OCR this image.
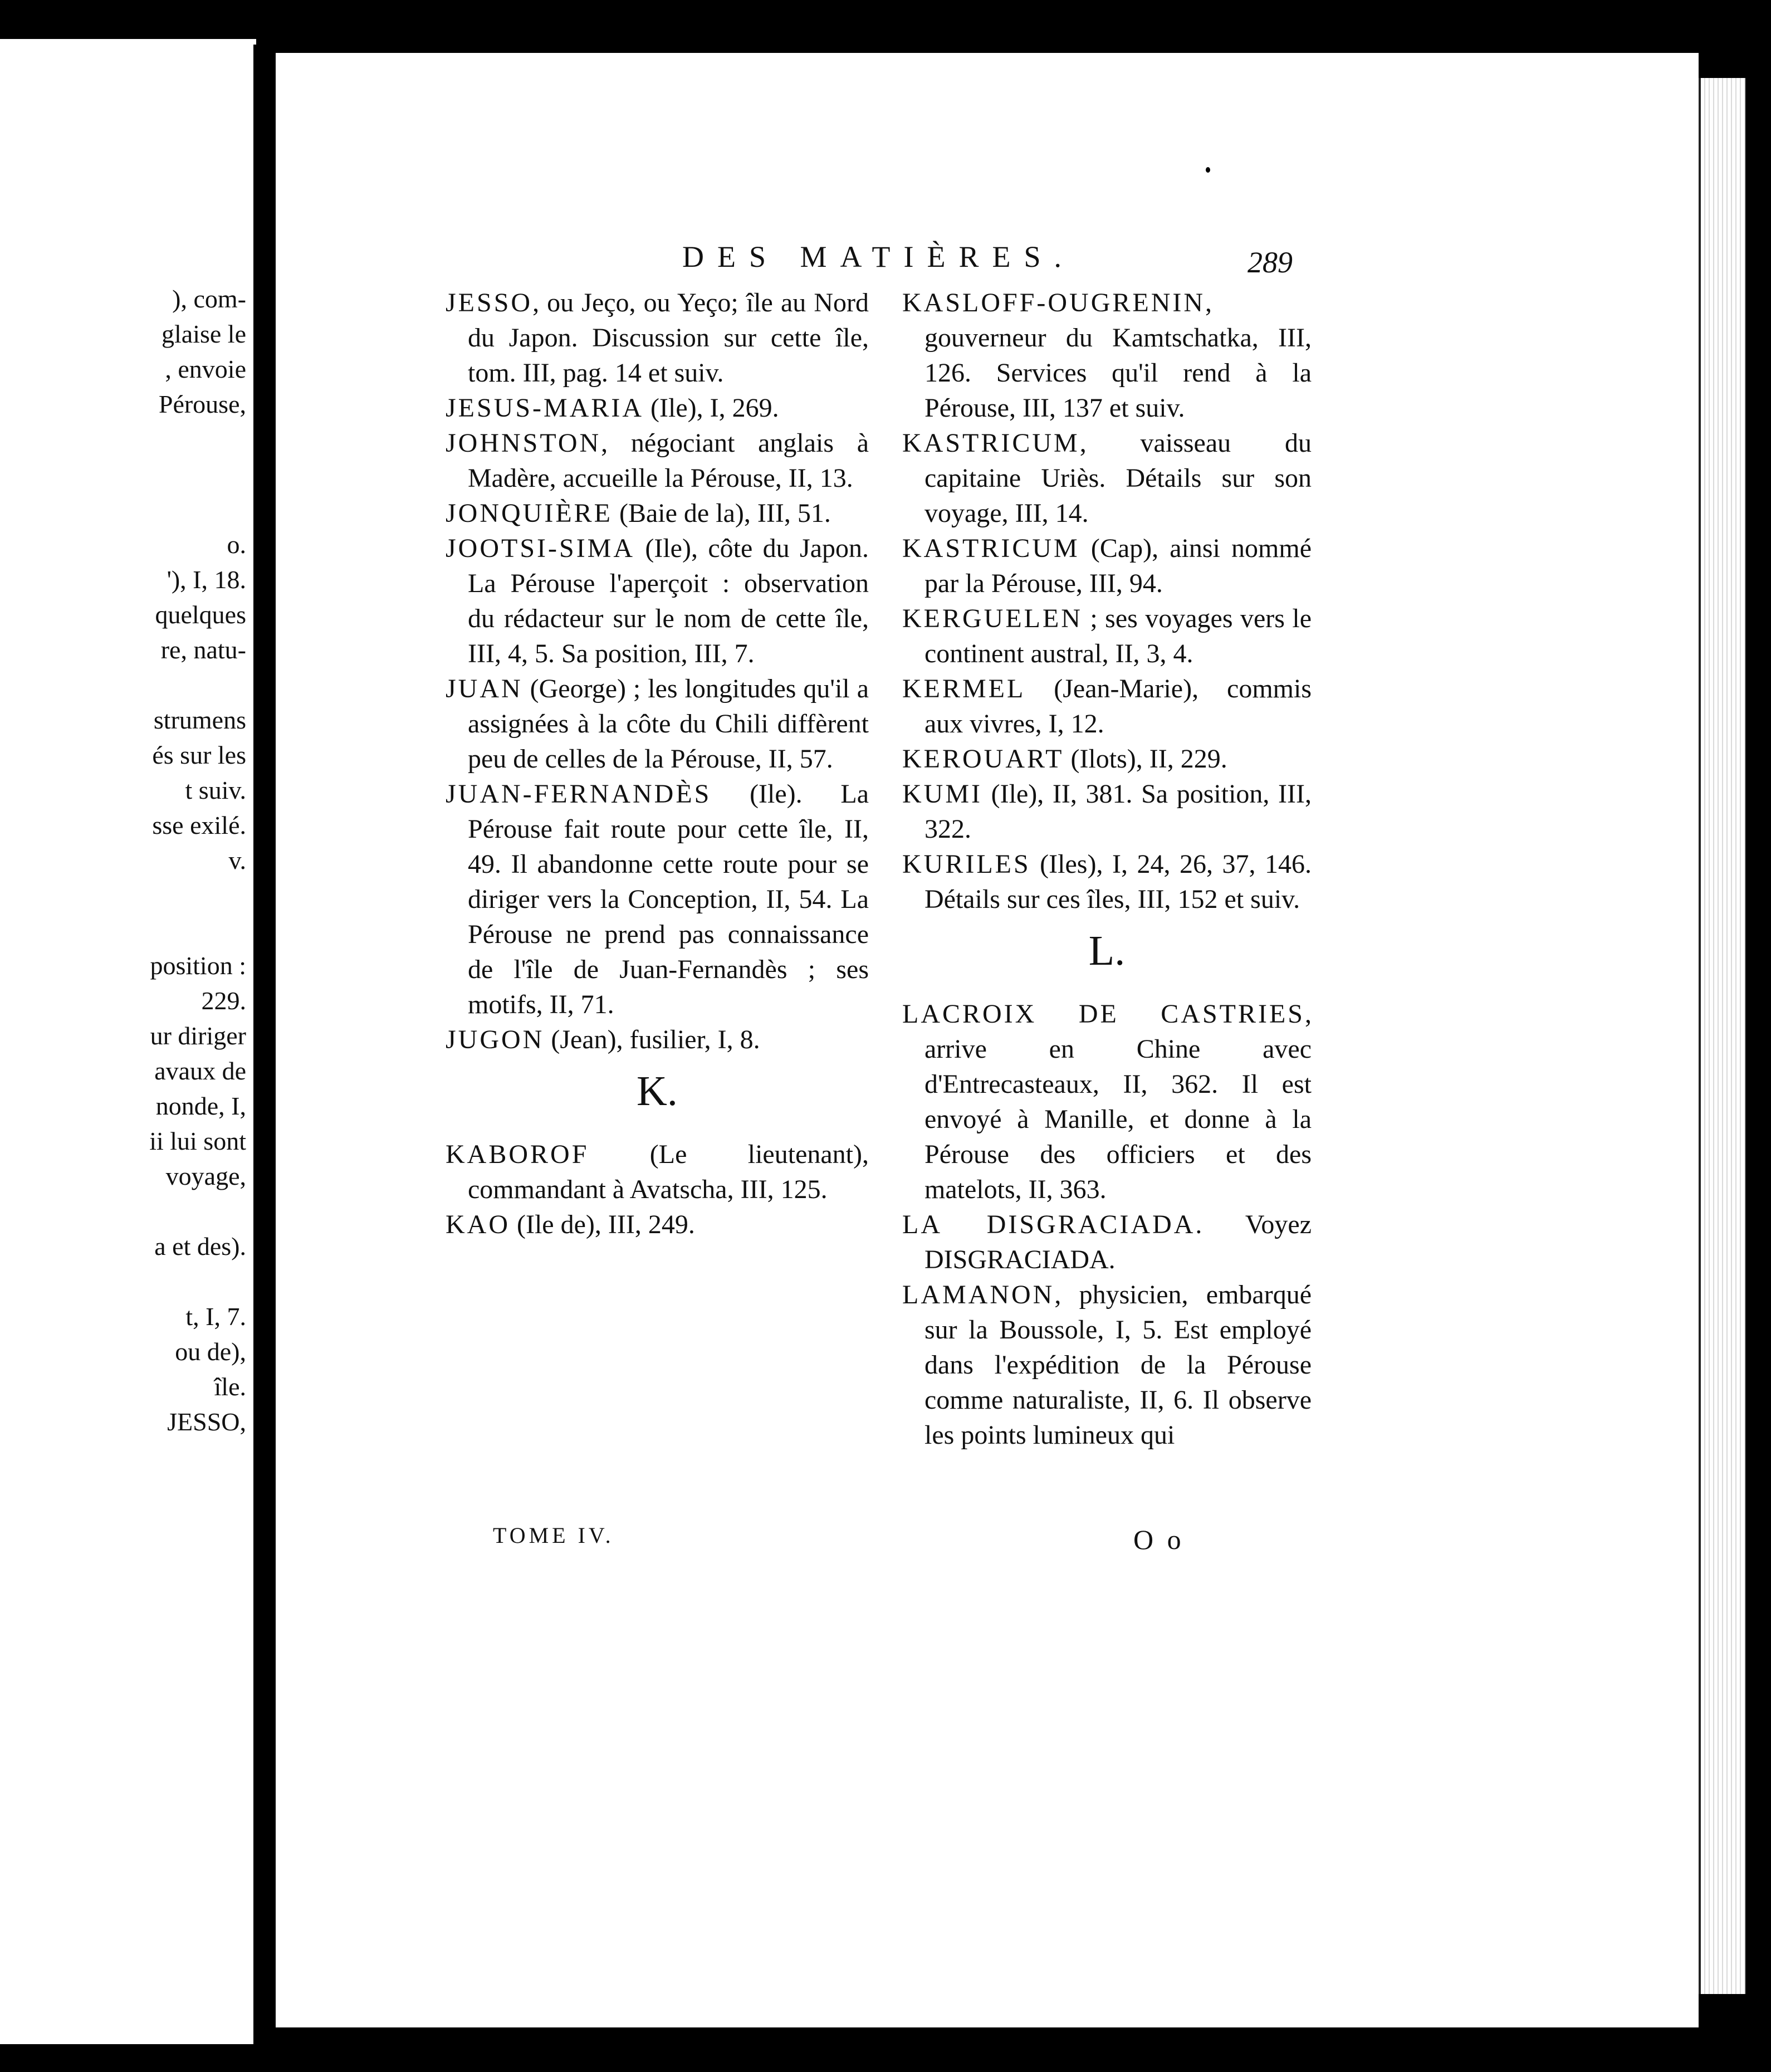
), com-
glaise le
, envoie
Pérouse,
o.
'), I, 18.
quelques
re, natu-
strumens
és sur les
t suiv.
sse exilé.
v.
position :
229.
ur diriger
avaux de
nonde, I,
ii lui sont
voyage,
a et des).
t, I, 7.
ou de),
île.
JESSO,
DES MATIÈRES.	289

JESSO, ou Jeço, ou Yeço; île au Nord du Japon. Discussion sur cette île, tom. III, pag. 14 et suiv.

JESUS-MARIA (Ile), I, 269.

JOHNSTON, négociant anglais à Madère, accueille la Pérouse, II, 13.

JONQUIÈRE (Baie de la), III, 51.

JOOTSI-SIMA (Ile), côte du Japon. La Pérouse l'aperçoit : observation du rédacteur sur le nom de cette île, III, 4, 5. Sa position, III, 7.

JUAN (George) ; les longitudes qu'il a assignées à la côte du Chili diffèrent peu de celles de la Pérouse, II, 57.

JUAN-FERNANDÈS (Ile). La Pérouse fait route pour cette île, II, 49. Il abandonne cette route pour se diriger vers la Conception, II, 54. La Pérouse ne prend pas connaissance de l'île de Juan-Fernandès ; ses motifs, II, 71.

JUGON (Jean), fusilier, I, 8.

K.

KABOROF (Le lieutenant), commandant à Avatscha, III, 125.

KAO (Ile de), III, 249.

KASLOFF-OUGRENIN, gouverneur du Kamtschatka, III, 126. Services qu'il rend à la Pérouse, III, 137 et suiv.

KASTRICUM, vaisseau du capitaine Uriès. Détails sur son voyage, III, 14.

KASTRICUM (Cap), ainsi nommé par la Pérouse, III, 94.

KERGUELEN ; ses voyages vers le continent austral, II, 3, 4.

KERMEL (Jean-Marie), commis aux vivres, I, 12.

KEROUART (Ilots), II, 229.

KUMI (Ile), II, 381. Sa position, III, 322.

KURILES (Iles), I, 24, 26, 37, 146. Détails sur ces îles, III, 152 et suiv.

L.

LACROIX DE CASTRIES, arrive en Chine avec d'Entrecasteaux, II, 362. Il est envoyé à Manille, et donne à la Pérouse des officiers et des matelots, II, 363.

LA DISGRACIADA. Voyez DISGRACIADA.

LAMANON, physicien, embarqué sur la Boussole, I, 5. Est employé dans l'expédition de la Pérouse comme naturaliste, II, 6. Il observe les points lumineux qui

TOME IV.	O o
